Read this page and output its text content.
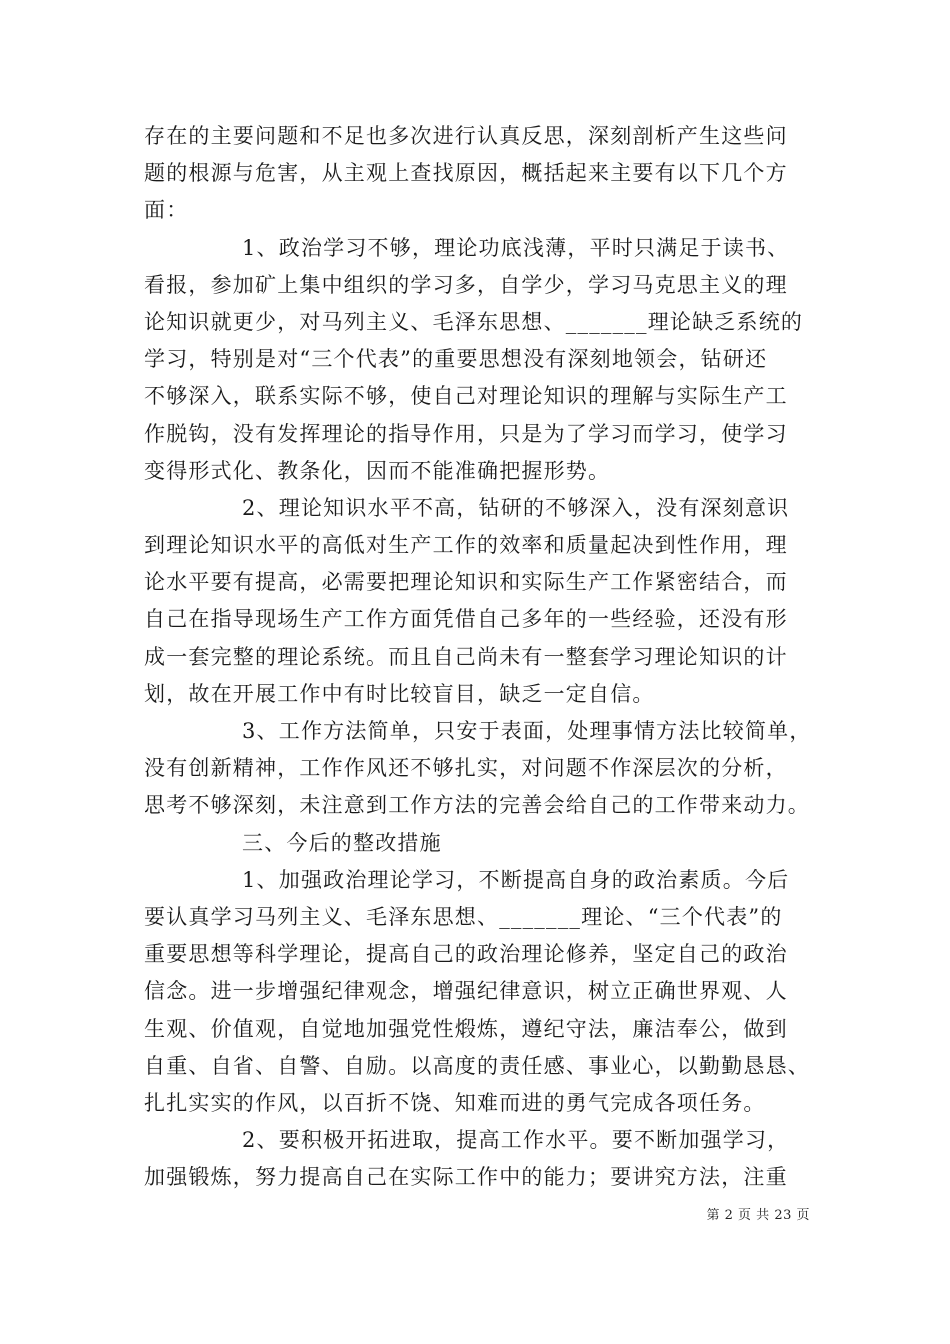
存在的主要问题和不足也多次进行认真反思，深刻剖析产生这些问
题的根源与危害，从主观上查找原因，概括起来主要有以下几个方
面：
1、政治学习不够，理论功底浅薄，平时只满足于读书、
看报，参加矿上集中组织的学习多，自学少，学习马克思主义的理
论知识就更少，对马列主义、毛泽东思想、_______理论缺乏系统的
学习，特别是对“三个代表”的重要思想没有深刻地领会，钻研还
不够深入，联系实际不够，使自己对理论知识的理解与实际生产工
作脱钩，没有发挥理论的指导作用，只是为了学习而学习，使学习
变得形式化、教条化，因而不能准确把握形势。
2、理论知识水平不高，钻研的不够深入，没有深刻意识
到理论知识水平的高低对生产工作的效率和质量起决到性作用，理
论水平要有提高，必需要把理论知识和实际生产工作紧密结合，而
自己在指导现场生产工作方面凭借自己多年的一些经验，还没有形
成一套完整的理论系统。而且自己尚未有一整套学习理论知识的计
划，故在开展工作中有时比较盲目，缺乏一定自信。
3、工作方法简单，只安于表面，处理事情方法比较简单，
没有创新精神，工作作风还不够扎实，对问题不作深层次的分析，
思考不够深刻，未注意到工作方法的完善会给自己的工作带来动力。
三、今后的整改措施
1、加强政治理论学习，不断提高自身的政治素质。今后
要认真学习马列主义、毛泽东思想、_______理论、“三个代表”的
重要思想等科学理论，提高自己的政治理论修养，坚定自己的政治
信念。进一步增强纪律观念，增强纪律意识，树立正确世界观、人
生观、价值观，自觉地加强党性煅炼，遵纪守法，廉洁奉公，做到
自重、自省、自警、自励。以高度的责任感、事业心，以勤勤恳恳、
扎扎实实的作风，以百折不饶、知难而进的勇气完成各项任务。
2、要积极开拓进取，提高工作水平。要不断加强学习，
加强锻炼，努力提高自己在实际工作中的能力；要讲究方法，注重
第 2 页 共 23 页
